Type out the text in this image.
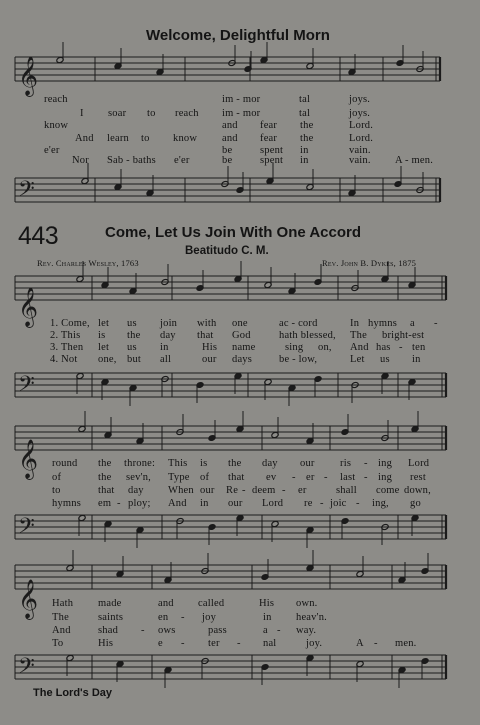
𝄞
𝄞
𝄞
𝄞
𝄢
𝄢
𝄢
𝄢
Welcome, Delightful Morn
reach	im - mor	tal	joys.
I soar to reach im - mor	tal	joys.
know	and fear the	Lord.
And learn to know and fear the	Lord.
e'er	be	spent in	vain.
Nor Sab - baths e'er	be	spent in	vain. A - men.
443	Come, Let Us Join With One Accord
Beatitudo C. M.
Rev. Charles Wesley, 1763	Rev. John B. Dykes, 1875
1. Come, let us join with one	ac - cord	In hymns a -
2. This is the day that God	hath blessed, The bright-est
3. Then let us in	His name	sing on, And has - ten
4. Not one, but all	our days	be - low,	Let us in
round the throne: This is the day our ris - ing Lord
of	the sev'n, Type of that ev - er - last - ing rest
to	that day When our Re - deem - er	shall come down,
hymns em - ploy; And in our Lord re - joic - ing, go
Hath made	and called	His own.
The	saints	en - joy	in heav'n.
And	shad - ows	pass	a - way.
To	His	e - ter - nal	joy.	A - men.
The Lord's Day
